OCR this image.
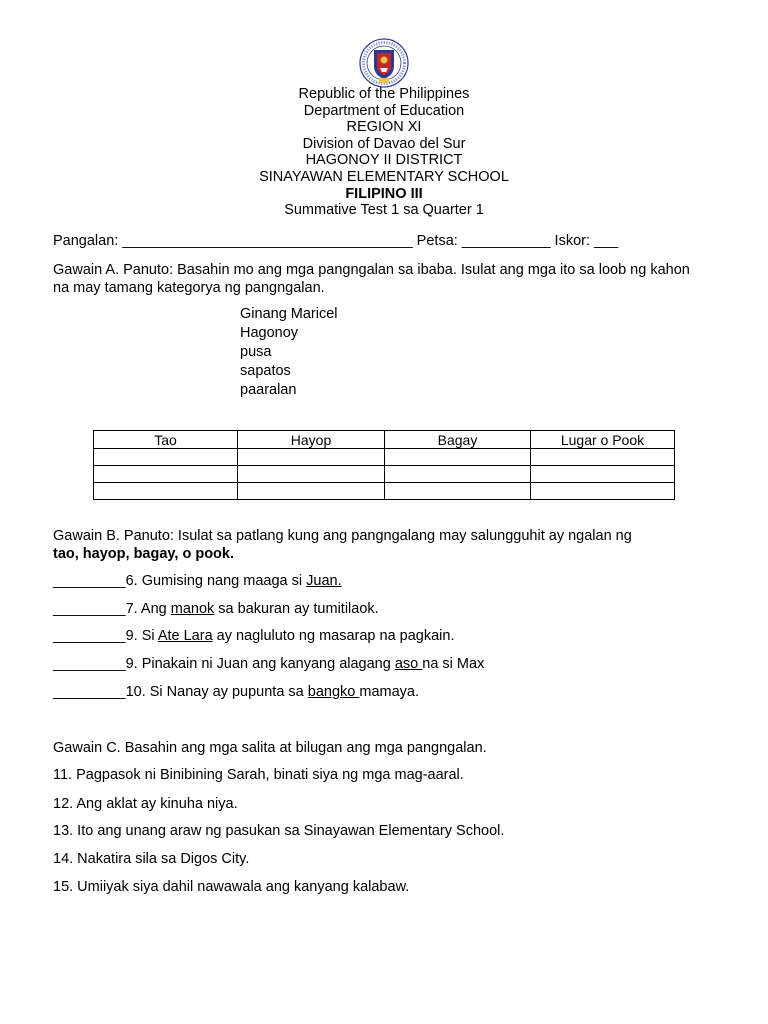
Republic of the Philippines
Department of Education
REGION XI
Division of Davao del Sur
HAGONOY II DISTRICT
SINAYAWAN ELEMENTARY SCHOOL
FILIPINO III
Summative Test 1 sa Quarter 1
Pangalan: ____________________________________ Petsa: ___________ Iskor: ___
Gawain A. Panuto: Basahin mo ang mga pangngalan sa ibaba. Isulat ang mga ito sa loob ng kahon na may tamang kategorya ng pangngalan.
Ginang Maricel
Hagonoy
pusa
sapatos
paaralan
Tao	Hayop	Bagay	Lugar o Pook

Gawain B. Panuto: Isulat sa patlang kung ang pangngalang may salungguhit ay ngalan ng
tao, hayop, bagay, o pook.
_________6. Gumising nang maaga si Juan.
_________7. Ang manok sa bakuran ay tumitilaok.
_________9. Si Ate Lara ay nagluluto ng masarap na pagkain.
_________9. Pinakain ni Juan ang kanyang alagang aso na si Max
_________10. Si Nanay ay pupunta sa bangko mamaya.
Gawain C. Basahin ang mga salita at bilugan ang mga pangngalan.
11. Pagpasok ni Binibining Sarah, binati siya ng mga mag-aaral.
12. Ang aklat ay kinuha niya.
13. Ito ang unang araw ng pasukan sa Sinayawan Elementary School.
14. Nakatira sila sa Digos City.
15. Umiiyak siya dahil nawawala ang kanyang kalabaw.
